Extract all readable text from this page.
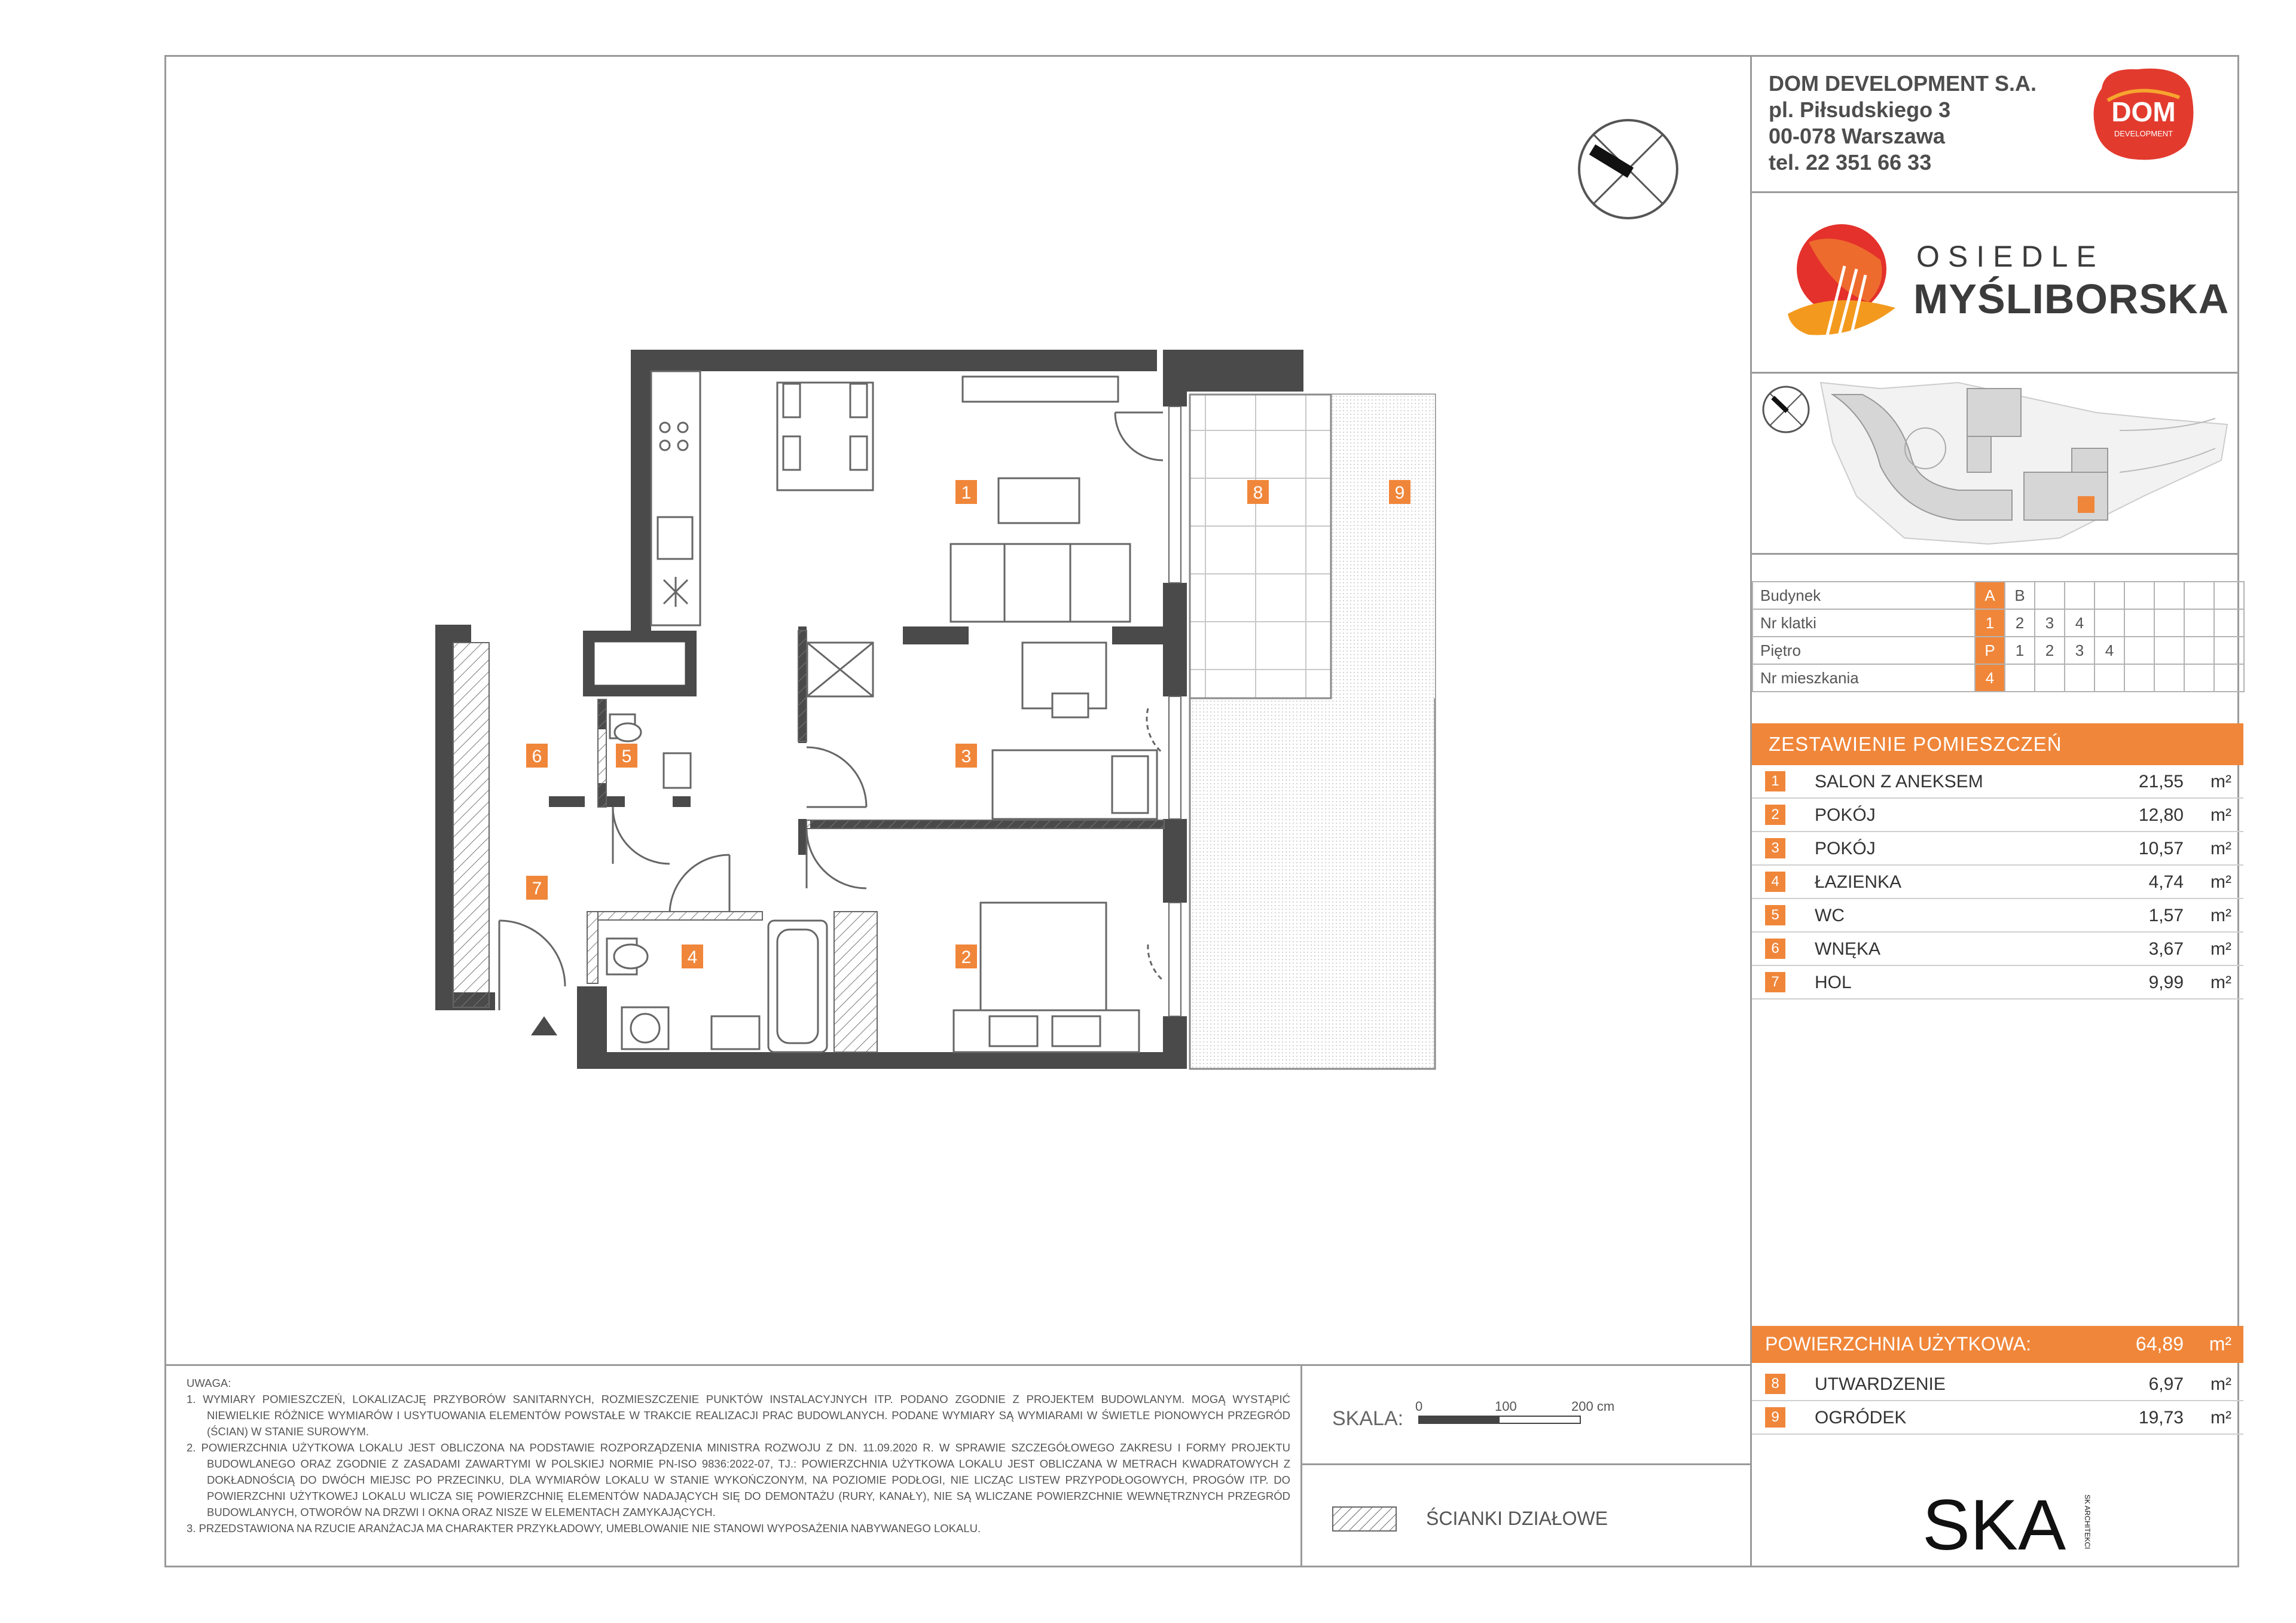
DOM DEVELOPMENT S.A.
pl. Piłsudskiego 3
00-078 Warszawa
tel. 22 351 66 33
DOM
DEVELOPMENT
OSIEDLE
MYŚLIBORSKA
Budynek	A	B							
Nr klatki	1	2	3	4					
Piętro	P	1	2	3	4				
Nr mieszkania	4								
ZESTAWIENIE POMIESZCZEŃ
1	SALON Z ANEKSEM	21,55 m²
2	POKÓJ	12,80 m²
3	POKÓJ	10,57 m²
4	ŁAZIENKA	4,74 m²
5	WC	1,57 m²
6	WNĘKA	3,67 m²
7	HOL	9,99 m²
POWIERZCHNIA UŻYTKOWA:	64,89 m²
8	UTWARDZENIE	6,97 m²
9	OGRÓDEK	19,73 m²
SKA SK ARCHITEKCI
UWAGA:
1. WYMIARY POMIESZCZEŃ, LOKALIZACJĘ PRZYBORÓW SANITARNYCH, ROZMIESZCZENIE PUNKTÓW INSTALACYJNYCH ITP. PODANO ZGODNIE Z PROJEKTEM BUDOWLANYM. MOGĄ WYSTĄPIĆ NIEWIELKIE RÓŻNICE WYMIARÓW I USYTUOWANIA ELEMENTÓW POWSTAŁE W TRAKCIE REALIZACJI PRAC BUDOWLANYCH. PODANE WYMIARY SĄ WYMIARAMI W ŚWIETLE PIONOWYCH PRZEGRÓD (ŚCIAN) W STANIE SUROWYM.
2. POWIERZCHNIA UŻYTKOWA LOKALU JEST OBLICZONA NA PODSTAWIE ROZPORZĄDZENIA MINISTRA ROZWOJU Z DN. 11.09.2020 R. W SPRAWIE SZCZEGÓŁOWEGO ZAKRESU I FORMY PROJEKTU BUDOWLANEGO ORAZ ZGODNIE Z ZASADAMI ZAWARTYMI W POLSKIEJ NORMIE PN-ISO 9836:2022-07, TJ.: POWIERZCHNIA UŻYTKOWA LOKALU JEST OBLICZANA W METRACH KWADRATOWYCH Z DOKŁADNOŚCIĄ DO DWÓCH MIEJSC PO PRZECINKU, DLA WYMIARÓW LOKALU W STANIE WYKOŃCZONYM, NA POZIOMIE PODŁOGI, NIE LICZĄC LISTEW PRZYPODŁOGOWYCH, PROGÓW ITP. DO POWIERZCHNI UŻYTKOWEJ LOKALU WLICZA SIĘ POWIERZCHNIĘ ELEMENTÓW NADAJĄCYCH SIĘ DO DEMONTAŻU (RURY, KANAŁY), NIE SĄ WLICZANE POWIERZCHNIE WEWNĘTRZNYCH PRZEGRÓD BUDOWLANYCH, OTWORÓW NA DRZWI I OKNA ORAZ NISZE W ELEMENTACH ZAMYKAJĄCYCH.
3. PRZEDSTAWIONA NA RZUCIE ARANŻACJA MA CHARAKTER PRZYKŁADOWY, UMEBLOWANIE NIE STANOWI WYPOSAŻENIA NABYWANEGO LOKALU.
SKALA:
0	100	200 cm
ŚCIANKI DZIAŁOWE
1
2
3
4
5
6
7
8	9
